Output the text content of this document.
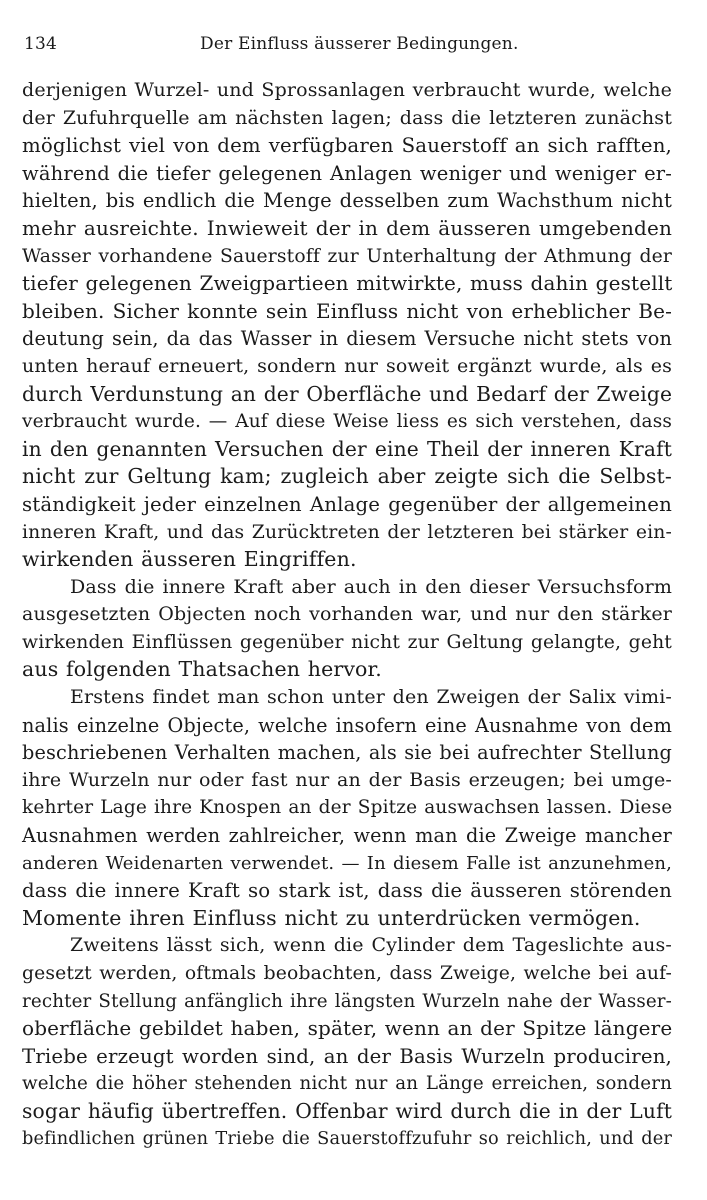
134	Der Einfluss äusserer Bedingungen.
derjenigen Wurzel- und Sprossanlagen verbraucht wurde, welche
der Zufuhrquelle am nächsten lagen; dass die letzteren zunächst
möglichst viel von dem verfügbaren Sauerstoff an sich rafften,
während die tiefer gelegenen Anlagen weniger und weniger er-
hielten, bis endlich die Menge desselben zum Wachsthum nicht
mehr ausreichte. Inwieweit der in dem äusseren umgebenden
Wasser vorhandene Sauerstoff zur Unterhaltung der Athmung der
tiefer gelegenen Zweigpartieen mitwirkte, muss dahin gestellt
bleiben. Sicher konnte sein Einfluss nicht von erheblicher Be-
deutung sein, da das Wasser in diesem Versuche nicht stets von
unten herauf erneuert, sondern nur soweit ergänzt wurde, als es
durch Verdunstung an der Oberfläche und Bedarf der Zweige
verbraucht wurde. — Auf diese Weise liess es sich verstehen, dass
in den genannten Versuchen der eine Theil der inneren Kraft
nicht zur Geltung kam; zugleich aber zeigte sich die Selbst-
ständigkeit jeder einzelnen Anlage gegenüber der allgemeinen
inneren Kraft, und das Zurücktreten der letzteren bei stärker ein-
wirkenden äusseren Eingriffen.
Dass die innere Kraft aber auch in den dieser Versuchsform
ausgesetzten Objecten noch vorhanden war, und nur den stärker
wirkenden Einflüssen gegenüber nicht zur Geltung gelangte, geht
aus folgenden Thatsachen hervor.
Erstens findet man schon unter den Zweigen der Salix vimi-
nalis einzelne Objecte, welche insofern eine Ausnahme von dem
beschriebenen Verhalten machen, als sie bei aufrechter Stellung
ihre Wurzeln nur oder fast nur an der Basis erzeugen; bei umge-
kehrter Lage ihre Knospen an der Spitze auswachsen lassen. Diese
Ausnahmen werden zahlreicher, wenn man die Zweige mancher
anderen Weidenarten verwendet. — In diesem Falle ist anzunehmen,
dass die innere Kraft so stark ist, dass die äusseren störenden
Momente ihren Einfluss nicht zu unterdrücken vermögen.
Zweitens lässt sich, wenn die Cylinder dem Tageslichte aus-
gesetzt werden, oftmals beobachten, dass Zweige, welche bei auf-
rechter Stellung anfänglich ihre längsten Wurzeln nahe der Wasser-
oberfläche gebildet haben, später, wenn an der Spitze längere
Triebe erzeugt worden sind, an der Basis Wurzeln produciren,
welche die höher stehenden nicht nur an Länge erreichen, sondern
sogar häufig übertreffen. Offenbar wird durch die in der Luft
befindlichen grünen Triebe die Sauerstoffzufuhr so reichlich, und der
